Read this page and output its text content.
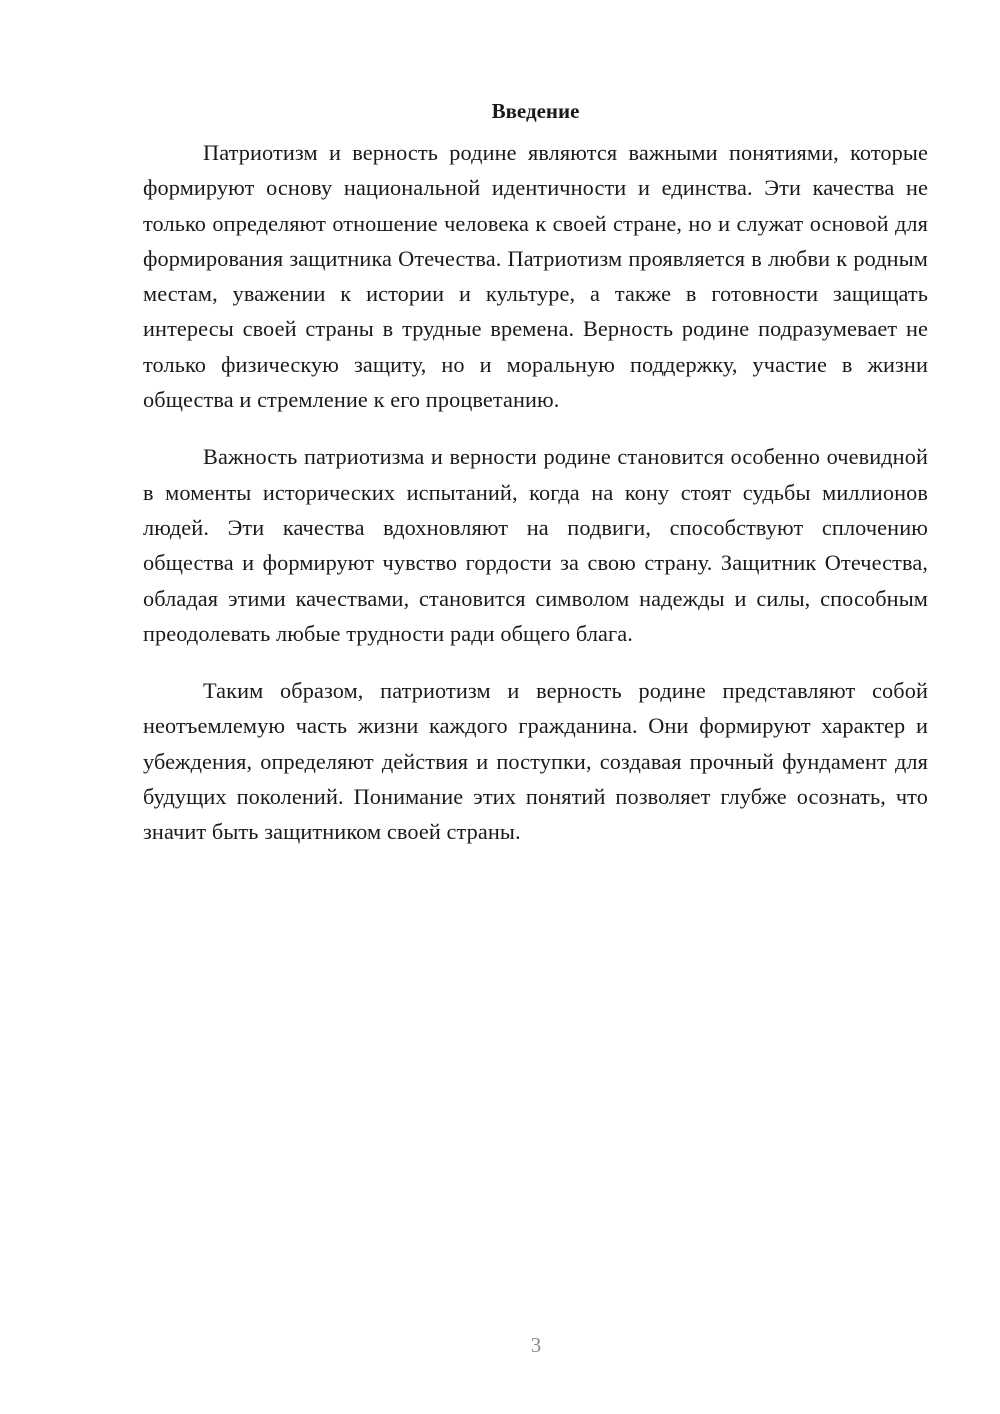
Введение

Патриотизм и верность родине являются важными понятиями, которые формируют основу национальной идентичности и единства. Эти качества не только определяют отношение человека к своей стране, но и служат основой для формирования защитника Отечества. Патриотизм проявляется в любви к родным местам, уважении к истории и культуре, а также в готовности защищать интересы своей страны в трудные времена. Верность родине подразумевает не только физическую защиту, но и моральную поддержку, участие в жизни общества и стремление к его процветанию.

Важность патриотизма и верности родине становится особенно очевидной в моменты исторических испытаний, когда на кону стоят судьбы миллионов людей. Эти качества вдохновляют на подвиги, способствуют сплочению общества и формируют чувство гордости за свою страну. Защитник Отечества, обладая этими качествами, становится символом надежды и силы, способным преодолевать любые трудности ради общего блага.

Таким образом, патриотизм и верность родине представляют собой неотъемлемую часть жизни каждого гражданина. Они формируют характер и убеждения, определяют действия и поступки, создавая прочный фундамент для будущих поколений. Понимание этих понятий позволяет глубже осознать, что значит быть защитником своей страны.

3
